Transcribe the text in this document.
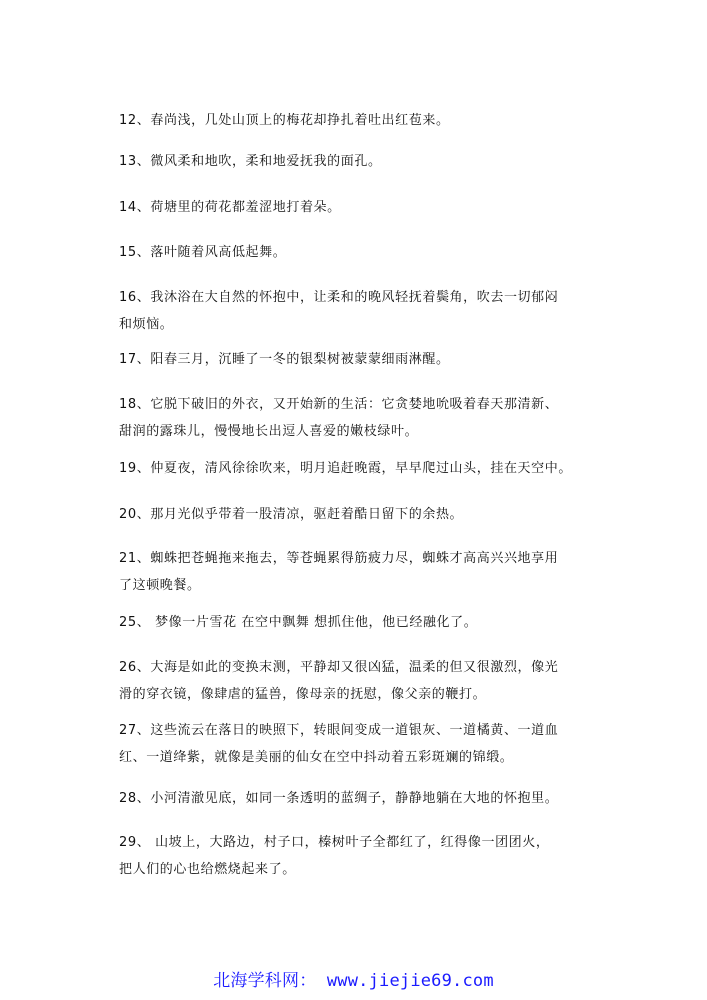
12、春尚浅，几处山顶上的梅花却挣扎着吐出红苞来。
13、微风柔和地吹，柔和地爱抚我的面孔。
14、荷塘里的荷花都羞涩地打着朵。
15、落叶随着风高低起舞。
16、我沐浴在大自然的怀抱中，让柔和的晚风轻抚着鬓角，吹去一切郁闷
和烦恼。
17、阳春三月，沉睡了一冬的银梨树被蒙蒙细雨淋醒。
18、它脱下破旧的外衣，又开始新的生活：它贪婪地吮吸着春天那清新、
甜润的露珠儿，慢慢地长出逗人喜爱的嫩枝绿叶。
19、仲夏夜，清风徐徐吹来，明月追赶晚霞，早早爬过山头，挂在天空中。
20、那月光似乎带着一股清凉，驱赶着酷日留下的余热。
21、蜘蛛把苍蝇拖来拖去，等苍蝇累得筋疲力尽，蜘蛛才高高兴兴地享用
了这顿晚餐。
25、 梦像一片雪花 在空中飘舞 想抓住他，他已经融化了。
26、大海是如此的变换末测，平静却又很凶猛，温柔的但又很激烈，像光
滑的穿衣镜，像肆虐的猛兽，像母亲的抚慰，像父亲的鞭打。
27、这些流云在落日的映照下，转眼间变成一道银灰、一道橘黄、一道血
红、一道绛紫，就像是美丽的仙女在空中抖动着五彩斑斓的锦缎。
28、小河清澈见底，如同一条透明的蓝绸子，静静地躺在大地的怀抱里。
29、 山坡上，大路边，村子口，榛树叶子全都红了，红得像一团团火，
把人们的心也给燃烧起来了。
北海学科网： www.jiejie69.com
